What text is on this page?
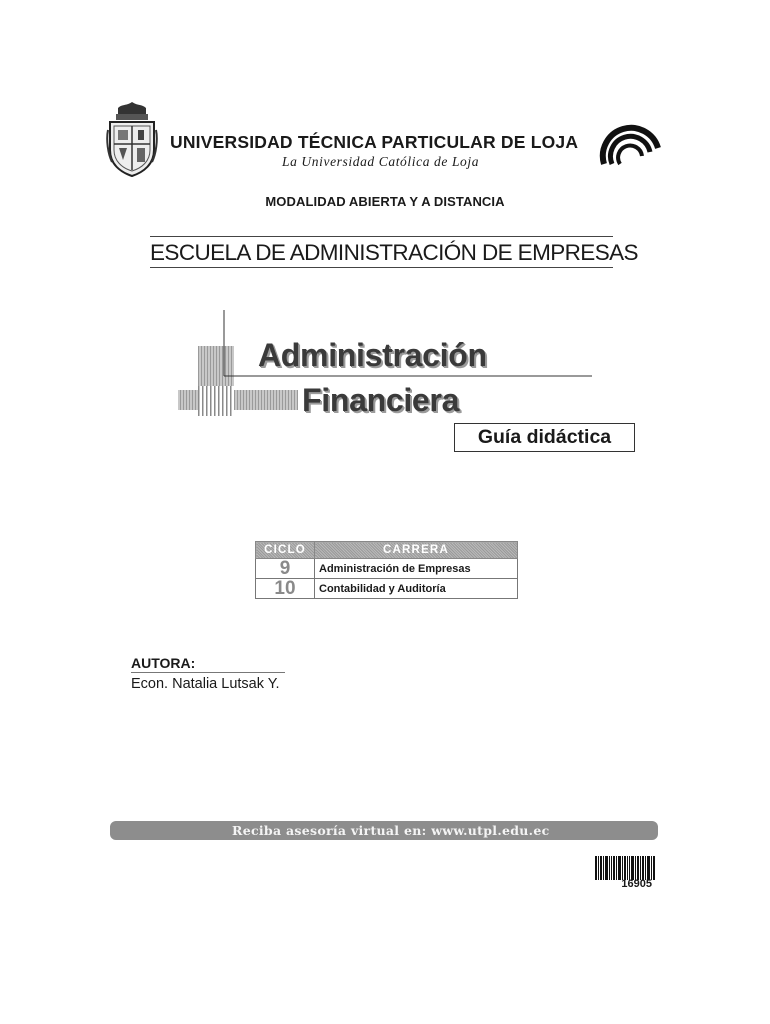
UNIVERSIDAD TÉCNICA PARTICULAR DE LOJA
La Universidad Católica de Loja
MODALIDAD ABIERTA Y A DISTANCIA
ESCUELA DE ADMINISTRACIÓN DE EMPRESAS
Administración
Financiera
Guía didáctica
CICLO	CARRERA
9	Administración de Empresas
10	Contabilidad y Auditoría
AUTORA:
Econ. Natalia Lutsak Y.
Reciba asesoría virtual en: www.utpl.edu.ec
16905
